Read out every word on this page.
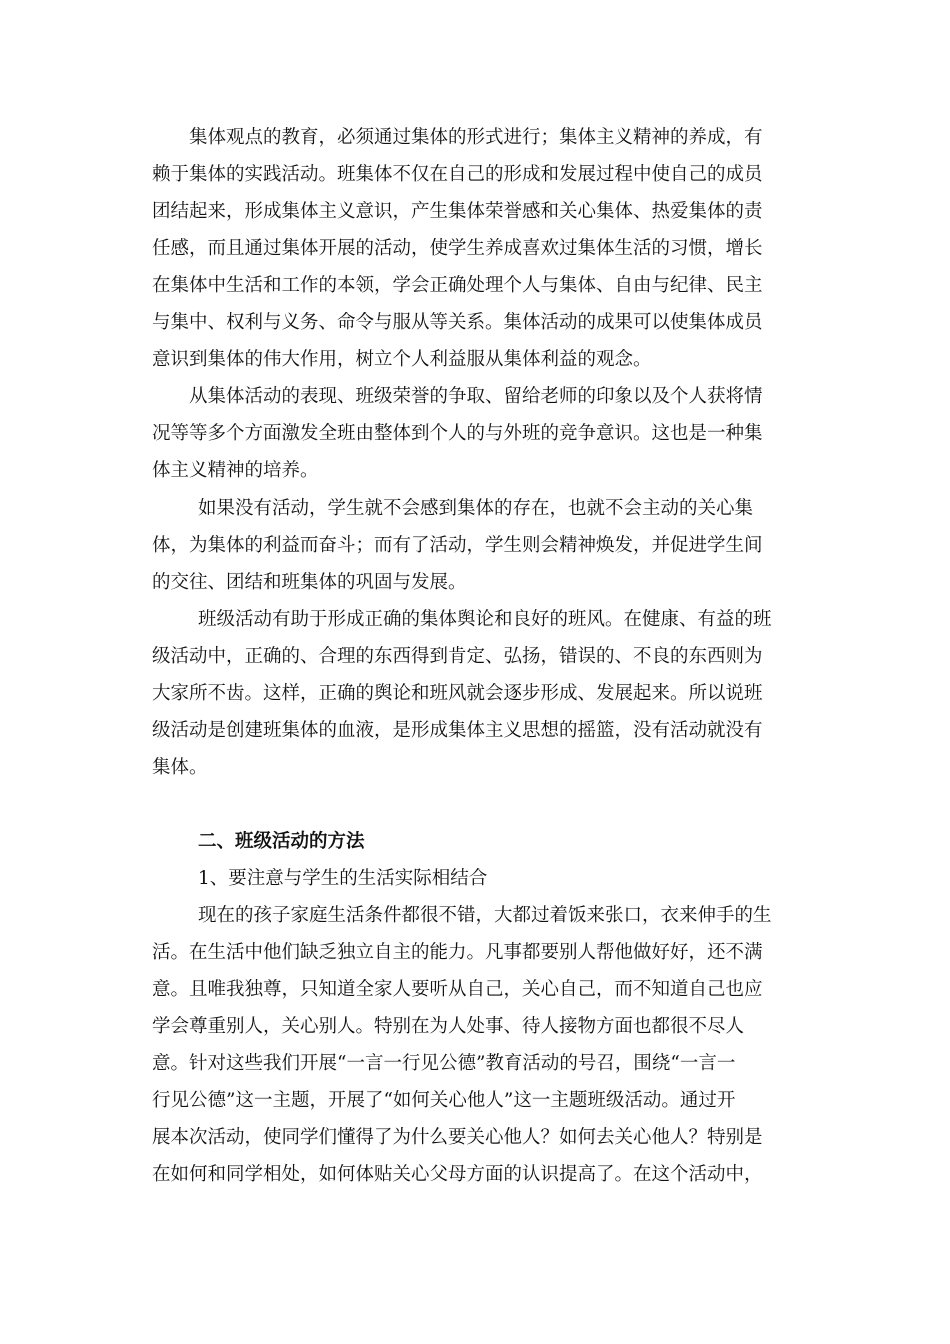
集体观点的教育，必须通过集体的形式进行；集体主义精神的养成，有
赖于集体的实践活动。班集体不仅在自己的形成和发展过程中使自己的成员
团结起来，形成集体主义意识，产生集体荣誉感和关心集体、热爱集体的责
任感，而且通过集体开展的活动，使学生养成喜欢过集体生活的习惯，增长
在集体中生活和工作的本领，学会正确处理个人与集体、自由与纪律、民主
与集中、权利与义务、命令与服从等关系。集体活动的成果可以使集体成员
意识到集体的伟大作用，树立个人利益服从集体利益的观念。
从集体活动的表现、班级荣誉的争取、留给老师的印象以及个人获将情
况等等多个方面激发全班由整体到个人的与外班的竞争意识。这也是一种集
体主义精神的培养。
如果没有活动，学生就不会感到集体的存在，也就不会主动的关心集
体，为集体的利益而奋斗；而有了活动，学生则会精神焕发，并促进学生间
的交往、团结和班集体的巩固与发展。
班级活动有助于形成正确的集体舆论和良好的班风。在健康、有益的班
级活动中，正确的、合理的东西得到肯定、弘扬，错误的、不良的东西则为
大家所不齿。这样，正确的舆论和班风就会逐步形成、发展起来。所以说班
级活动是创建班集体的血液，是形成集体主义思想的摇篮，没有活动就没有
集体。
二、班级活动的方法
1、要注意与学生的生活实际相结合
现在的孩子家庭生活条件都很不错，大都过着饭来张口，衣来伸手的生
活。在生活中他们缺乏独立自主的能力。凡事都要别人帮他做好好，还不满
意。且唯我独尊，只知道全家人要听从自己，关心自己，而不知道自己也应
学会尊重别人，关心别人。特别在为人处事、待人接物方面也都很不尽人
意。针对这些我们开展“一言一行见公德”教育活动的号召，围绕“一言一
行见公德”这一主题，开展了“如何关心他人”这一主题班级活动。通过开
展本次活动，使同学们懂得了为什么要关心他人？如何去关心他人？特别是
在如何和同学相处，如何体贴关心父母方面的认识提高了。在这个活动中，
